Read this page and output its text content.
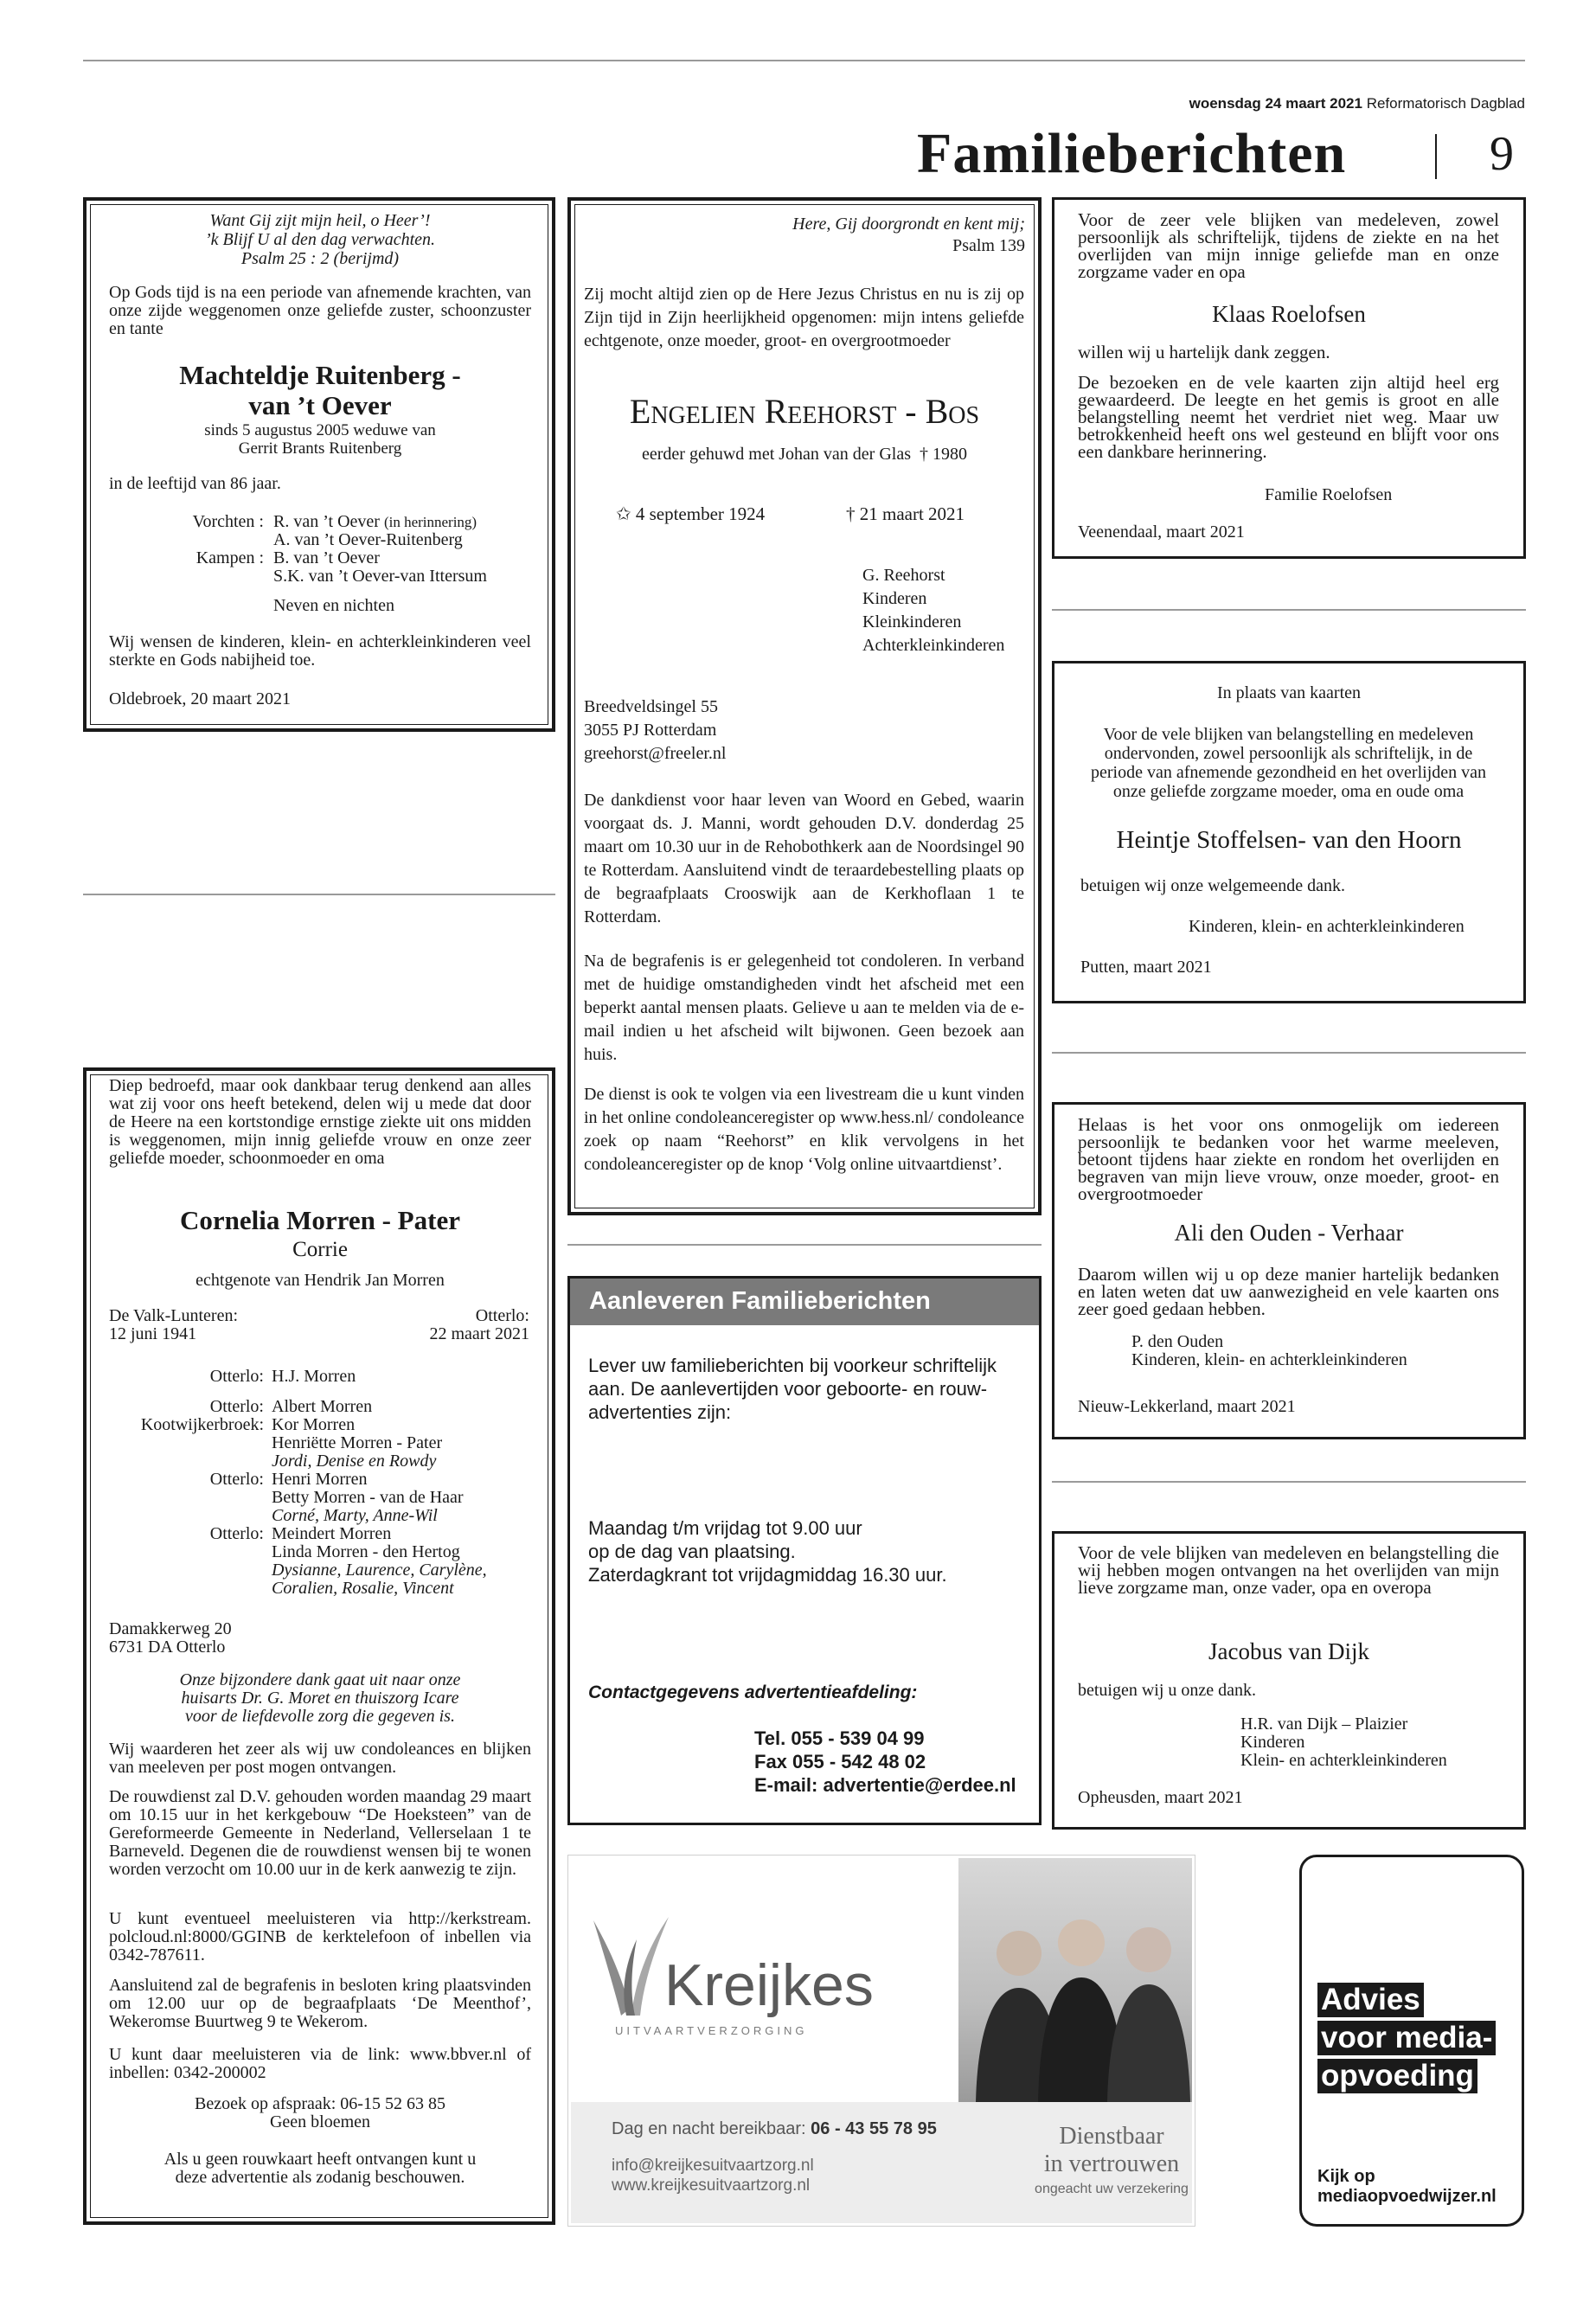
woensdag 24 maart 2021 Reformatorisch Dagblad
Familieberichten	9
Want Gij zijt mijn heil, o Heer’!
’k Blijf U al den dag verwachten.
Psalm 25 : 2 (berijmd)
Op Gods tijd is na een periode van afnemende krachten, van onze zijde weggenomen onze geliefde zuster, schoonzuster en tante
Machteldje Ruitenberg -
van ’t Oever
sinds 5 augustus 2005 weduwe van
Gerrit Brants Ruitenberg
in de leeftijd van 86 jaar.
Vorchten : R. van ’t Oever (in herinnering)
A. van ’t Oever-Ruitenberg
Kampen : B. van ’t Oever
S.K. van ’t Oever-van Ittersum
Neven en nichten
Wij wensen de kinderen, klein- en achterkleinkinderen veel sterkte en Gods nabijheid toe.
Oldebroek, 20 maart 2021
Diep bedroefd, maar ook dankbaar terug denkend aan alles wat zij voor ons heeft betekend, delen wij u mede dat door de Heere na een kortstondige ernstige ziekte uit ons midden is weggenomen, mijn innig geliefde vrouw en onze zeer geliefde moeder, schoonmoeder en oma
Cornelia Morren - Pater
Corrie
echtgenote van Hendrik Jan Morren
De Valk-Lunteren:
12 juni 1941
Otterlo:
22 maart 2021
Otterlo: H.J. Morren
Otterlo: Albert Morren
Kootwijkerbroek: Kor Morren
Henriëtte Morren - Pater
Jordi, Denise en Rowdy
Otterlo: Henri Morren
Betty Morren - van de Haar
Corné, Marty, Anne-Wil
Otterlo: Meindert Morren
Linda Morren - den Hertog
Dysianne, Laurence, Carylène,
Coralien, Rosalie, Vincent
Damakkerweg 20
6731 DA Otterlo
Onze bijzondere dank gaat uit naar onze
huisarts Dr. G. Moret en thuiszorg Icare
voor de liefdevolle zorg die gegeven is.
Wij waarderen het zeer als wij uw condoleances en blijken van meeleven per post mogen ontvangen.
De rouwdienst zal D.V. gehouden worden maandag 29 maart om 10.15 uur in het kerkgebouw “De Hoeksteen” van de Gereformeerde Gemeente in Nederland, Vellerselaan 1 te Barneveld. Degenen die de rouwdienst wensen bij te wonen worden verzocht om 10.00 uur in de kerk aanwezig te zijn.
U kunt eventueel meeluisteren via http://kerkstream. polcloud.nl:8000/GGINB de kerktelefoon of inbellen via 0342-787611.
Aansluitend zal de begrafenis in besloten kring plaatsvinden om 12.00 uur op de begraafplaats ‘De Meenthof’, Wekeromse Buurtweg 9 te Wekerom.
U kunt daar meeluisteren via de link: www.bbver.nl of inbellen: 0342-200002
Bezoek op afspraak: 06-15 52 63 85
Geen bloemen
Als u geen rouwkaart heeft ontvangen kunt u
deze advertentie als zodanig beschouwen.
Here, Gij doorgrondt en kent mij;
Psalm 139
Zij mocht altijd zien op de Here Jezus Christus en nu is zij op Zijn tijd in Zijn heerlijkheid opgenomen: mijn intens geliefde echtgenote, onze moeder, groot- en overgrootmoeder
Engelien Reehorst - Bos
eerder gehuwd met Johan van der Glas † 1980
✩ 4 september 1924	† 21 maart 2021
G. Reehorst
Kinderen
Kleinkinderen
Achterkleinkinderen
Breedveldsingel 55
3055 PJ Rotterdam
greehorst@freeler.nl
De dankdienst voor haar leven van Woord en Gebed, waarin voorgaat ds. J. Manni, wordt gehouden D.V. donderdag 25 maart om 10.30 uur in de Rehobothkerk aan de Noordsingel 90 te Rotterdam. Aansluitend vindt de teraardebestelling plaats op de begraafplaats Crooswijk aan de Kerkhoflaan 1 te Rotterdam.
Na de begrafenis is er gelegenheid tot condoleren. In verband met de huidige omstandigheden vindt het afscheid met een beperkt aantal mensen plaats. Gelieve u aan te melden via de e-mail indien u het afscheid wilt bijwonen. Geen bezoek aan huis.
De dienst is ook te volgen via een livestream die u kunt vinden in het online condoleanceregister op www.hess.nl/ condoleance zoek op naam “Reehorst” en klik vervolgens in het condoleanceregister op de knop ‘Volg online uitvaartdienst’.
Aanleveren Familieberichten
Lever uw familieberichten bij voorkeur schriftelijk aan. De aanlevertijden voor geboorte- en rouw-advertenties zijn:
Maandag t/m vrijdag tot 9.00 uur
op de dag van plaatsing.
Zaterdagkrant tot vrijdagmiddag 16.30 uur.
Contactgegevens advertentieafdeling:
Tel. 055 - 539 04 99
Fax 055 - 542 48 02
E-mail: advertentie@erdee.nl
Kreijkes
UITVAARTVERZORGING
Dag en nacht bereikbaar: 06 - 43 55 78 95
info@kreijkesuitvaartzorg.nl
www.kreijkesuitvaartzorg.nl
Dienstbaar
in vertrouwen
ongeacht uw verzekering
Voor de zeer vele blijken van medeleven, zowel persoonlijk als schriftelijk, tijdens de ziekte en na het overlijden van mijn innige geliefde man en onze zorgzame vader en opa
Klaas Roelofsen
willen wij u hartelijk dank zeggen.
De bezoeken en de vele kaarten zijn altijd heel erg gewaardeerd. De leegte en het gemis is groot en alle belangstelling neemt het verdriet niet weg. Maar uw betrokkenheid heeft ons wel gesteund en blijft voor ons een dankbare herinnering.
Familie Roelofsen
Veenendaal, maart 2021
In plaats van kaarten
Voor de vele blijken van belangstelling en medeleven ondervonden, zowel persoonlijk als schriftelijk, in de periode van afnemende gezondheid en het overlijden van onze geliefde zorgzame moeder, oma en oude oma
Heintje Stoffelsen- van den Hoorn
betuigen wij onze welgemeende dank.
Kinderen, klein- en achterkleinkinderen
Putten, maart 2021
Helaas is het voor ons onmogelijk om iedereen persoonlijk te bedanken voor het warme meeleven, betoont tijdens haar ziekte en rondom het overlijden en begraven van mijn lieve vrouw, onze moeder, groot- en overgrootmoeder
Ali den Ouden - Verhaar
Daarom willen wij u op deze manier hartelijk bedanken en laten weten dat uw aanwezigheid en vele kaarten ons zeer goed gedaan hebben.
P. den Ouden
Kinderen, klein- en achterkleinkinderen
Nieuw-Lekkerland, maart 2021
Voor de vele blijken van medeleven en belangstelling die wij hebben mogen ontvangen na het overlijden van mijn lieve zorgzame man, onze vader, opa en overopa
Jacobus van Dijk
betuigen wij u onze dank.
H.R. van Dijk – Plaizier
Kinderen
Klein- en achterkleinkinderen
Opheusden, maart 2021
Advies
voor media-
opvoeding
Kijk op
mediaopvoedwijzer.nl
